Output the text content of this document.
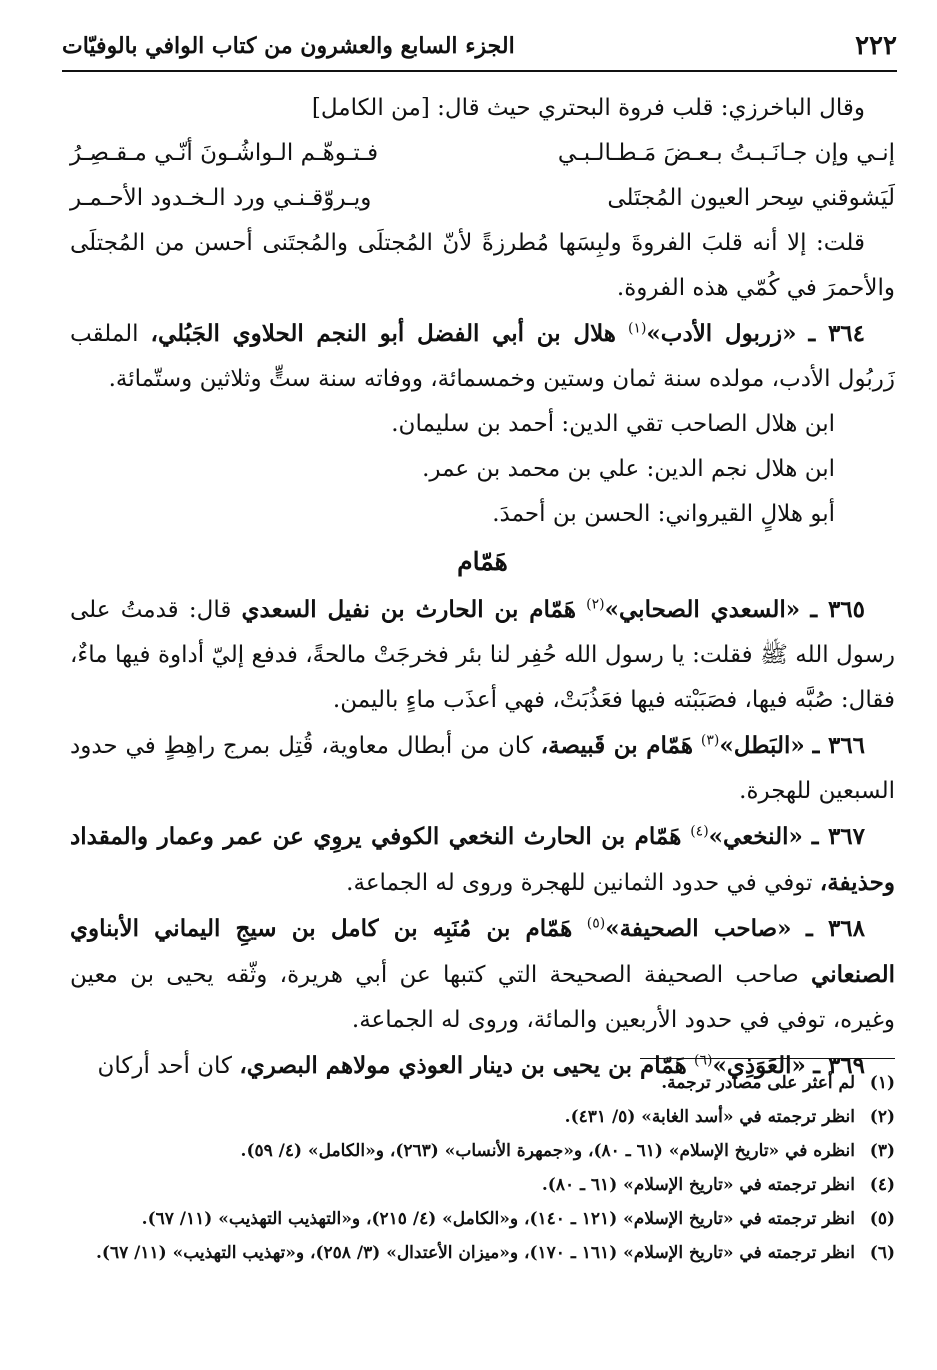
٢٢٢
الجزء السابع والعشرون من كتاب الوافي بالوفيّات

وقال الباخرزي: قلب فروة البحتري حيث قال: [من الكامل]

إنـي وإن جـانَـبـتُ بـعـضَ مَـطـالـبـي
فـتـوهّـم الـواشُـونَ أنّـي مـقـصِـرُ
لَيَشوقني سِحر العيون المُجتَلى
ويـروّقـنـي ورد الـخـدود الأحـمـر

قلت: إلا أنه قلبَ الفروةَ ولبِسَها مُطرزةً لأنّ المُجتلَى والمُجتَنى أحسن من المُجتلَى والأحمرَ في كُمّي هذه الفروة.

٣٦٤ ـ «زربول الأدب»$^{(١)}$ هلال بن أبي الفضل أبو النجم الحلاوي الجَبُلي، الملقب زَربُول الأدب، مولده سنة ثمان وستين وخمسمائة، ووفاته سنة ستٍّ وثلاثين وستّمائة.

ابن هلال الصاحب تقي الدين: أحمد بن سليمان.

ابن هلال نجم الدين: علي بن محمد بن عمر.

أبو هلالٍ القيرواني: الحسن بن أحمدَ.

هَمّام

٣٦٥ ـ «السعدي الصحابي»$^{(٢)}$ هَمّام بن الحارث بن نفيل السعدي قال: قدمتُ على رسول الله ﷺ فقلت: يا رسول الله حُفِر لنا بئر فخرجَتْ مالحةً، فدفع إليّ أداوة فيها ماءٌ، فقال: صُبَّه فيها، فصَبَبْته فيها فعَذُبَتْ، فهي أعذَب ماءٍ باليمن.

٣٦٦ ـ «البَطل»$^{(٣)}$ هَمّام بن قَبيصة، كان من أبطال معاوية، قُتِل بمرج راهِطٍ في حدود السبعين للهجرة.

٣٦٧ ـ «النخعي»$^{(٤)}$ هَمّام بن الحارث النخعي الكوفي يروِي عن عمر وعمار والمقداد وحذيفة، توفي في حدود الثمانين للهجرة وروى له الجماعة.

٣٦٨ ـ «صاحب الصحيفة»$^{(٥)}$ هَمّام بن مُنَبِه بن كامل بن سيجِ اليماني الأبناوي الصنعاني صاحب الصحيفة الصحيحة التي كتبها عن أبي هريرة، وثّقه يحيى بن معين وغيره، توفي في حدود الأربعين والمائة، وروى له الجماعة.

٣٦٩ ـ «العَوَذِي»$^{(٦)}$ هَمّام بن يحيى بن دينار العوذي مولاهم البصري، كان أحد أركان

(١)
لم أعثر على مصادر ترجمة.
(٢)
انظر ترجمته في «أسد الغابة» (٥/ ٤٣١).
(٣)
انظره في «تاريخ الإسلام» (٦١ ـ ٨٠)، و«جمهرة الأنساب» (٢٦٣)، و«الكامل» (٤/ ٥٩).
(٤)
انظر ترجمته في «تاريخ الإسلام» (٦١ ـ ٨٠).
(٥)
انظر ترجمته في «تاريخ الإسلام» (١٢١ ـ ١٤٠)، و«الكامل» (٤/ ٢١٥)، و«التهذيب التهذيب» (١١/ ٦٧).
(٦)
انظر ترجمته في «تاريخ الإسلام» (١٦١ ـ ١٧٠)، و«ميزان الأعتدال» (٣/ ٢٥٨)، و«تهذيب التهذيب» (١١/ ٦٧).
